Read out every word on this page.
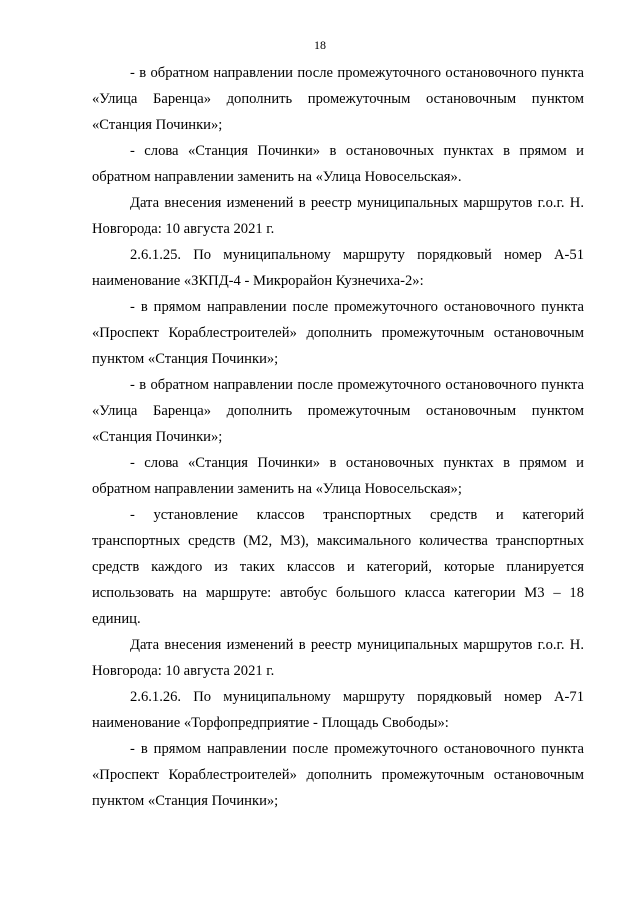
18

- в обратном направлении после промежуточного остановочного пункта «Улица Баренца» дополнить промежуточным остановочным пунктом «Станция Починки»;

- слова «Станция Починки» в остановочных пунктах в прямом и обратном направлении заменить на «Улица Новосельская».

Дата внесения изменений в реестр муниципальных маршрутов г.о.г. Н. Новгорода: 10 августа 2021 г.

2.6.1.25. По муниципальному маршруту порядковый номер А-51 наименование «ЗКПД-4 - Микрорайон Кузнечиха-2»:

- в прямом направлении после промежуточного остановочного пункта «Проспект Кораблестроителей» дополнить промежуточным остановочным пунктом «Станция Починки»;

- в обратном направлении после промежуточного остановочного пункта «Улица Баренца» дополнить промежуточным остановочным пунктом «Станция Починки»;

- слова «Станция Починки» в остановочных пунктах в прямом и обратном направлении заменить на «Улица Новосельская»;

- установление классов транспортных средств и категорий транспортных средств (М2, М3), максимального количества транспортных средств каждого из таких классов и категорий, которые планируется использовать на маршруте: автобус большого класса категории М3 – 18 единиц.

Дата внесения изменений в реестр муниципальных маршрутов г.о.г. Н. Новгорода: 10 августа 2021 г.

2.6.1.26. По муниципальному маршруту порядковый номер А-71 наименование «Торфопредприятие - Площадь Свободы»:

- в прямом направлении после промежуточного остановочного пункта «Проспект Кораблестроителей» дополнить промежуточным остановочным пунктом «Станция Починки»;
